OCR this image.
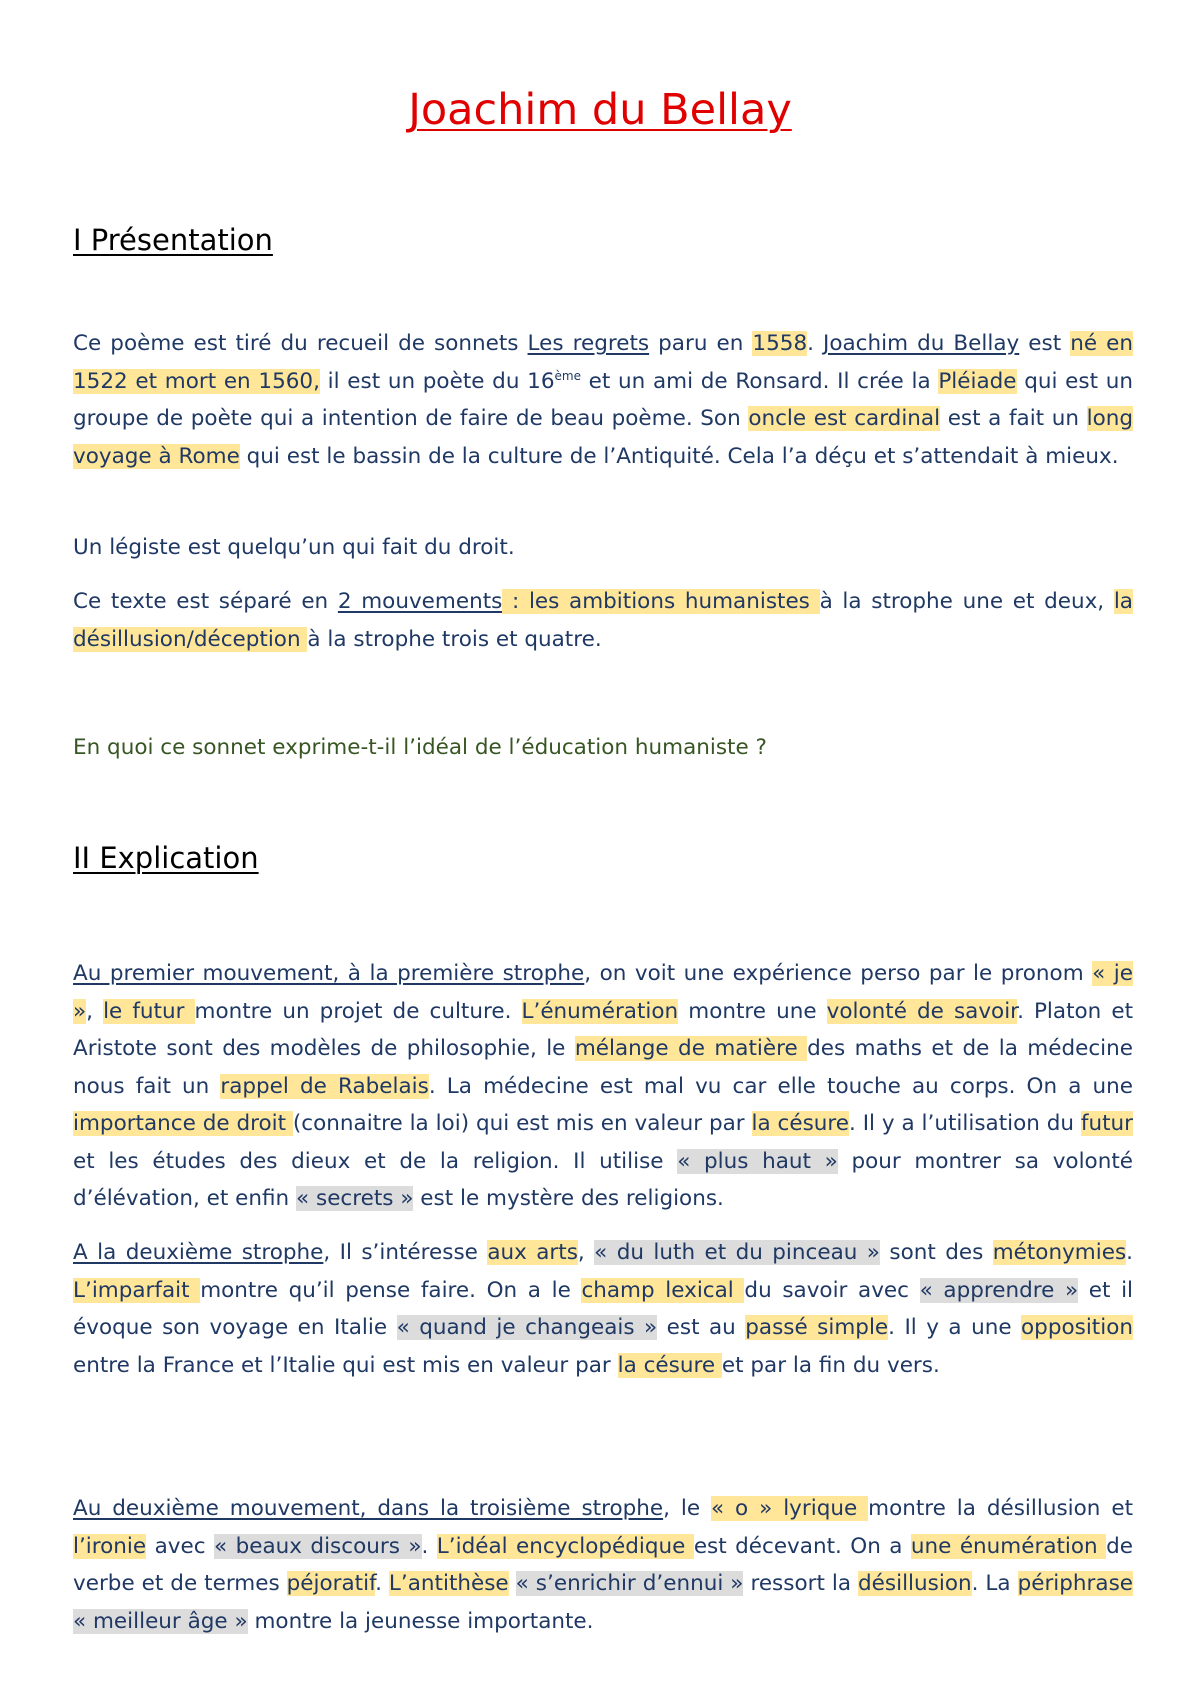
Joachim du Bellay
I Présentation

Ce poème est tiré du recueil de sonnets Les regrets paru en 1558. Joachim du Bellay est né en 1522 et mort en 1560, il est un poète du 16ème et un ami de Ronsard. Il crée la Pléiade qui est un groupe de poète qui a intention de faire de beau poème. Son oncle est cardinal est a fait un long voyage à Rome qui est le bassin de la culture de l’Antiquité. Cela l’a déçu et s’attendait à mieux.

Un légiste est quelqu’un qui fait du droit.

Ce texte est séparé en 2 mouvements : les ambitions humanistes à la strophe une et deux, la désillusion/déception à la strophe trois et quatre.

En quoi ce sonnet exprime-t-il l’idéal de l’éducation humaniste ?

II Explication

Au premier mouvement, à la première strophe, on voit une expérience perso par le pronom « je », le futur montre un projet de culture. L’énumération montre une volonté de savoir. Platon et Aristote sont des modèles de philosophie, le mélange de matière des maths et de la médecine nous fait un rappel de Rabelais. La médecine est mal vu car elle touche au corps. On a une importance de droit (connaitre la loi) qui est mis en valeur par la césure. Il y a l’utilisation du futur et les études des dieux et de la religion. Il utilise « plus haut » pour montrer sa volonté d’élévation, et enfin « secrets » est le mystère des religions.

A la deuxième strophe, Il s’intéresse aux arts, « du luth et du pinceau » sont des métonymies. L’imparfait montre qu’il pense faire. On a le champ lexical du savoir avec « apprendre » et il évoque son voyage en Italie « quand je changeais » est au passé simple. Il y a une opposition entre la France et l’Italie qui est mis en valeur par la césure et par la fin du vers.

Au deuxième mouvement, dans la troisième strophe, le « o » lyrique montre la désillusion et l’ironie avec « beaux discours ». L’idéal encyclopédique est décevant. On a une énumération de verbe et de termes péjoratif. L’antithèse « s’enrichir d’ennui » ressort la désillusion. La périphrase « meilleur âge » montre la jeunesse importante.
